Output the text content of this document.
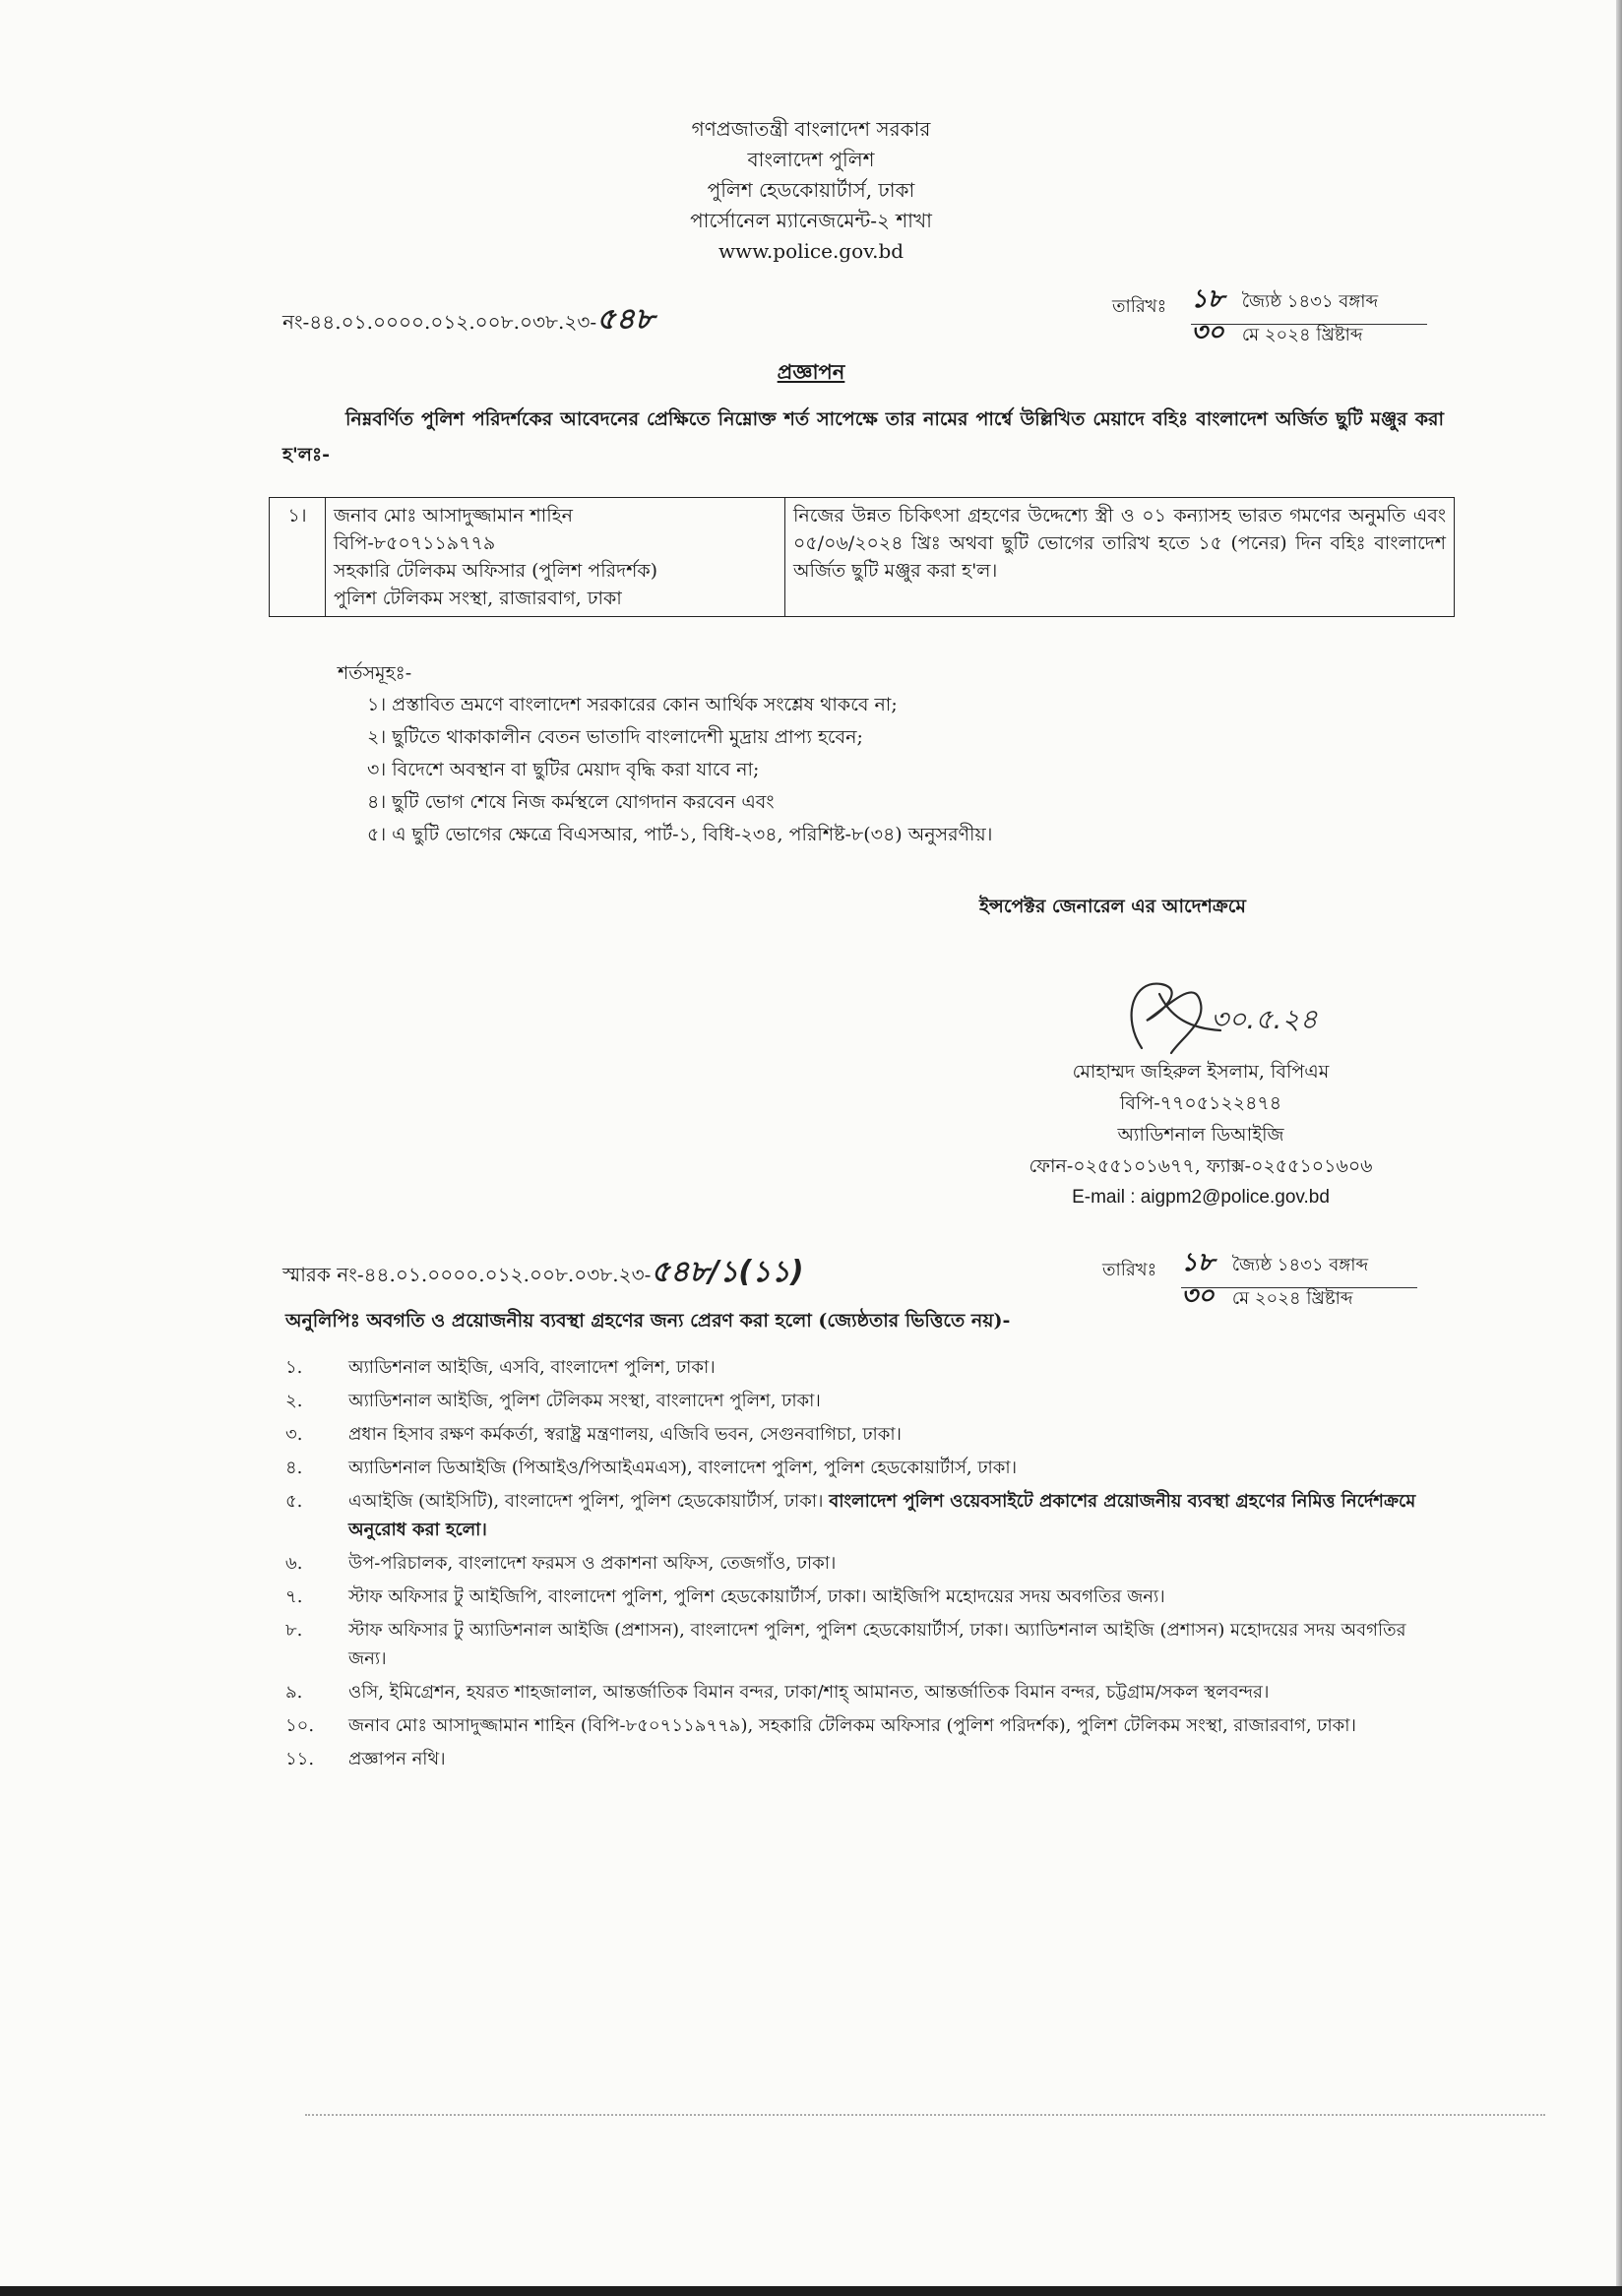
গণপ্রজাতন্ত্রী বাংলাদেশ সরকার
বাংলাদেশ পুলিশ
পুলিশ হেডকোয়ার্টার্স, ঢাকা
পার্সোনেল ম্যানেজমেন্ট-২ শাখা
www.police.gov.bd
নং-৪৪.০১.০০০০.০১২.০০৮.০৩৮.২৩-৫৪৮	তারিখঃ ১৮ জ্যৈষ্ঠ ১৪৩১ বঙ্গাব্দ
৩০ মে ২০২৪ খ্রিষ্টাব্দ
প্রজ্ঞাপন
নিম্নবর্ণিত পুলিশ পরিদর্শকের আবেদনের প্রেক্ষিতে নিম্নোক্ত শর্ত সাপেক্ষে তার নামের পার্শ্বে উল্লিখিত মেয়াদে বহিঃ বাংলাদেশ অর্জিত ছুটি মঞ্জুর করা হ'লঃ-
১।	জনাব মোঃ আসাদুজ্জামান শাহিন
বিপি-৮৫০৭১১৯৭৭৯
সহকারি টেলিকম অফিসার (পুলিশ পরিদর্শক)
পুলিশ টেলিকম সংস্থা, রাজারবাগ, ঢাকা
	নিজের উন্নত চিকিৎসা গ্রহণের উদ্দেশ্যে স্ত্রী ও ০১ কন্যাসহ ভারত গমণের অনুমতি এবং ০৫/০৬/২০২৪ খ্রিঃ অথবা ছুটি ভোগের তারিখ হতে ১৫ (পনের) দিন বহিঃ বাংলাদেশ অর্জিত ছুটি মঞ্জুর করা হ'ল।
শর্তসমূহঃ-
১। প্রস্তাবিত ভ্রমণে বাংলাদেশ সরকারের কোন আর্থিক সংশ্লেষ থাকবে না;
২। ছুটিতে থাকাকালীন বেতন ভাতাদি বাংলাদেশী মুদ্রায় প্রাপ্য হবেন;
৩। বিদেশে অবস্থান বা ছুটির মেয়াদ বৃদ্ধি করা যাবে না;
৪। ছুটি ভোগ শেষে নিজ কর্মস্থলে যোগদান করবেন এবং
৫। এ ছুটি ভোগের ক্ষেত্রে বিএসআর, পার্ট-১, বিধি-২৩৪, পরিশিষ্ট-৮(৩৪) অনুসরণীয়।
ইন্সপেক্টর জেনারেল এর আদেশক্রমে
৩০.৫.২৪
মোহাম্মদ জহিরুল ইসলাম, বিপিএম
বিপি-৭৭০৫১২২৪৭৪
অ্যাডিশনাল ডিআইজি
ফোন-০২৫৫১০১৬৭৭, ফ্যাক্স-০২৫৫১০১৬০৬
E-mail : aigpm2@police.gov.bd
স্মারক নং-৪৪.০১.০০০০.০১২.০০৮.০৩৮.২৩-৫৪৮/১(১১)	তারিখঃ ১৮ জ্যৈষ্ঠ ১৪৩১ বঙ্গাব্দ
৩০ মে ২০২৪ খ্রিষ্টাব্দ
অনুলিপিঃ অবগতি ও প্রয়োজনীয় ব্যবস্থা গ্রহণের জন্য প্রেরণ করা হলো (জ্যেষ্ঠতার ভিত্তিতে নয়)-
১.	অ্যাডিশনাল আইজি, এসবি, বাংলাদেশ পুলিশ, ঢাকা।
২.	অ্যাডিশনাল আইজি, পুলিশ টেলিকম সংস্থা, বাংলাদেশ পুলিশ, ঢাকা।
৩.	প্রধান হিসাব রক্ষণ কর্মকর্তা, স্বরাষ্ট্র মন্ত্রণালয়, এজিবি ভবন, সেগুনবাগিচা, ঢাকা।
৪.	অ্যাডিশনাল ডিআইজি (পিআইও/পিআইএমএস), বাংলাদেশ পুলিশ, পুলিশ হেডকোয়ার্টার্স, ঢাকা।
৫.	এআইজি (আইসিটি), বাংলাদেশ পুলিশ, পুলিশ হেডকোয়ার্টার্স, ঢাকা। বাংলাদেশ পুলিশ ওয়েবসাইটে প্রকাশের প্রয়োজনীয় ব্যবস্থা গ্রহণের নিমিত্ত নির্দেশক্রমে অনুরোধ করা হলো।
৬.	উপ-পরিচালক, বাংলাদেশ ফরমস ও প্রকাশনা অফিস, তেজগাঁও, ঢাকা।
৭.	স্টাফ অফিসার টু আইজিপি, বাংলাদেশ পুলিশ, পুলিশ হেডকোয়ার্টার্স, ঢাকা। আইজিপি মহোদয়ের সদয় অবগতির জন্য।
৮.	স্টাফ অফিসার টু অ্যাডিশনাল আইজি (প্রশাসন), বাংলাদেশ পুলিশ, পুলিশ হেডকোয়ার্টার্স, ঢাকা। অ্যাডিশনাল আইজি (প্রশাসন) মহোদয়ের সদয় অবগতির জন্য।
৯.	ওসি, ইমিগ্রেশন, হযরত শাহজালাল, আন্তর্জাতিক বিমান বন্দর, ঢাকা/শাহ্ আমানত, আন্তর্জাতিক বিমান বন্দর, চট্টগ্রাম/সকল স্থলবন্দর।
১০.	জনাব মোঃ আসাদুজ্জামান শাহিন (বিপি-৮৫০৭১১৯৭৭৯), সহকারি টেলিকম অফিসার (পুলিশ পরিদর্শক), পুলিশ টেলিকম সংস্থা, রাজারবাগ, ঢাকা।
১১.	প্রজ্ঞাপন নথি।
